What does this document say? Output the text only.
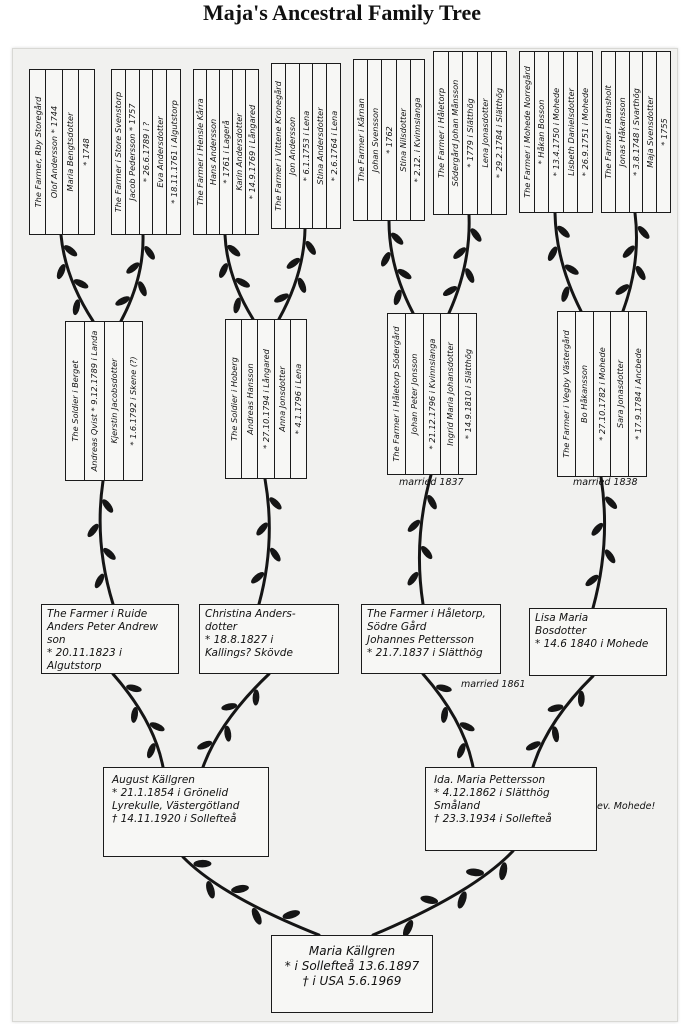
Maja's Ancestral Family Tree
The Farmer, Rby Storegård Olof Andersson * 1744 Maria Bengtsdotter * 1748	The Farmer i Store Svenstorp Jacob Pedersson * 1757 * 26.6.1789 i ? Eva Andersdotter * 18.11.1761 i Algutstorp The Farmer i Hensle Kårra Hans Andersson * 1761 i Lagerå Karin Andersdotter * 14.9.1769 i Långared The Farmer i Vittene Kronegård Jon Andersson * 6.1.1753 i Lena Stina Andersdotter * 2.6.1764 i Lena The Farmer i Kårnan Johan Svensson * 1762 Stina Nilsdotter * 2.12. i Kvinnslanga The Farmer i Håletorp Södergård Johan Månsson * 1779 i Slätthög Lena Jonasdotter * 29.2.1784 i Slätthög The Farmer i Mohede Norregård * Håkan Bosson * 13.4.1750 i Mohede Lisbeth Danielsdotter * 26.9.1751 i Mohede The Farmer i Ramsholt Jonas Håkansson * 3.8.1748 i Svarthög Maja Svensdotter * 1755
The Soldier i Berget Andreas Qvist * 9.12.1789 i Landa Kjerstin Jacobsdotter * 1.6.1792 i Skene (?)	The Soldier i Hoberg Andreas Hansson * 27.10.1794 i Långared Anna Jonsdotter * 4.1.1796 i Lena	The Farmer i Håletorp Södergård Johan Peter Jonsson * 21.12.1796 i Kvinnslanga Ingrid Maria Johansdotter * 14.9.1810 i Slätthög	The Farmer i Vegby Västergård Bo Håkansson * 27.10.1782 i Mohede Sara Jonasdotter * 17.9.1784 i Ancbede
married 1837	married 1838
The Farmer i Ruide
Anders Peter Andrew son
* 20.11.1823 i Algutstorp
Christina Anders-
dotter
* 18.8.1827 i
Kallings? Skövde
The Farmer i Håletorp, Södre Gård
Johannes Pettersson
* 21.7.1837 i Slätthög
Lisa Maria
Bosdotter
* 14.6 1840 i Mohede
married 1861
August Källgren
* 21.1.1854 i Grönelid
Lyrekulle, Västergötland
† 14.11.1920 i Sollefteå
Ida. Maria Pettersson
* 4.12.1862 i Slätthög
Småland
† 23.3.1934 i Sollefteå
ev. Mohede!
Maria Källgren
* i Sollefteå 13.6.1897
† i USA 5.6.1969
